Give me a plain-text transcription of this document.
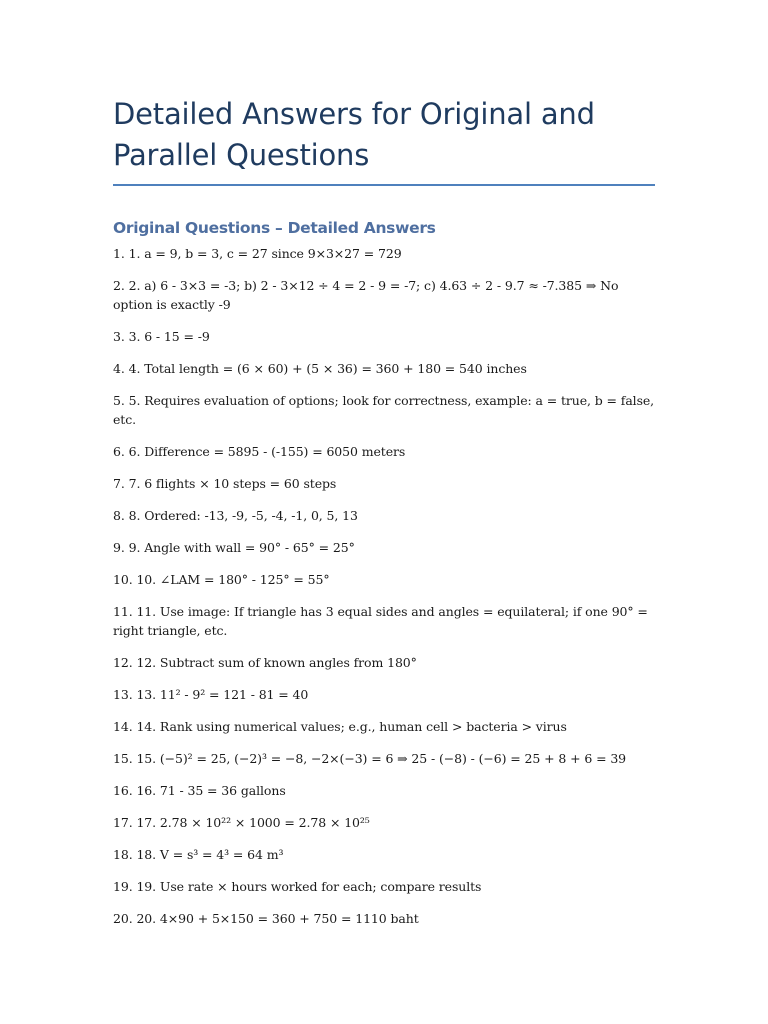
Detailed Answers for Original and
Parallel Questions
Original Questions – Detailed Answers
1. 1. a = 9, b = 3, c = 27 since 9×3×27 = 729
2. 2. a) 6 - 3×3 = -3; b) 2 - 3×12 ÷ 4 = 2 - 9 = -7; c) 4.63 ÷ 2 - 9.7 ≈ -7.385 ⇒ No option is exactly -9
3. 3. 6 - 15 = -9
4. 4. Total length = (6 × 60) + (5 × 36) = 360 + 180 = 540 inches
5. 5. Requires evaluation of options; look for correctness, example: a = true, b = false, etc.
6. 6. Difference = 5895 - (-155) = 6050 meters
7. 7. 6 flights × 10 steps = 60 steps
8. 8. Ordered: -13, -9, -5, -4, -1, 0, 5, 13
9. 9. Angle with wall = 90° - 65° = 25°
10. 10. ∠LAM = 180° - 125° = 55°
11. 11. Use image: If triangle has 3 equal sides and angles = equilateral; if one 90° = right triangle, etc.
12. 12. Subtract sum of known angles from 180°
13. 13. 11² - 9² = 121 - 81 = 40
14. 14. Rank using numerical values; e.g., human cell > bacteria > virus
15. 15. (−5)² = 25, (−2)³ = −8, −2×(−3) = 6 ⇒ 25 - (−8) - (−6) = 25 + 8 + 6 = 39
16. 16. 71 - 35 = 36 gallons
17. 17. 2.78 × 10²² × 1000 = 2.78 × 10²⁵
18. 18. V = s³ = 4³ = 64 m³
19. 19. Use rate × hours worked for each; compare results
20. 20. 4×90 + 5×150 = 360 + 750 = 1110 baht
